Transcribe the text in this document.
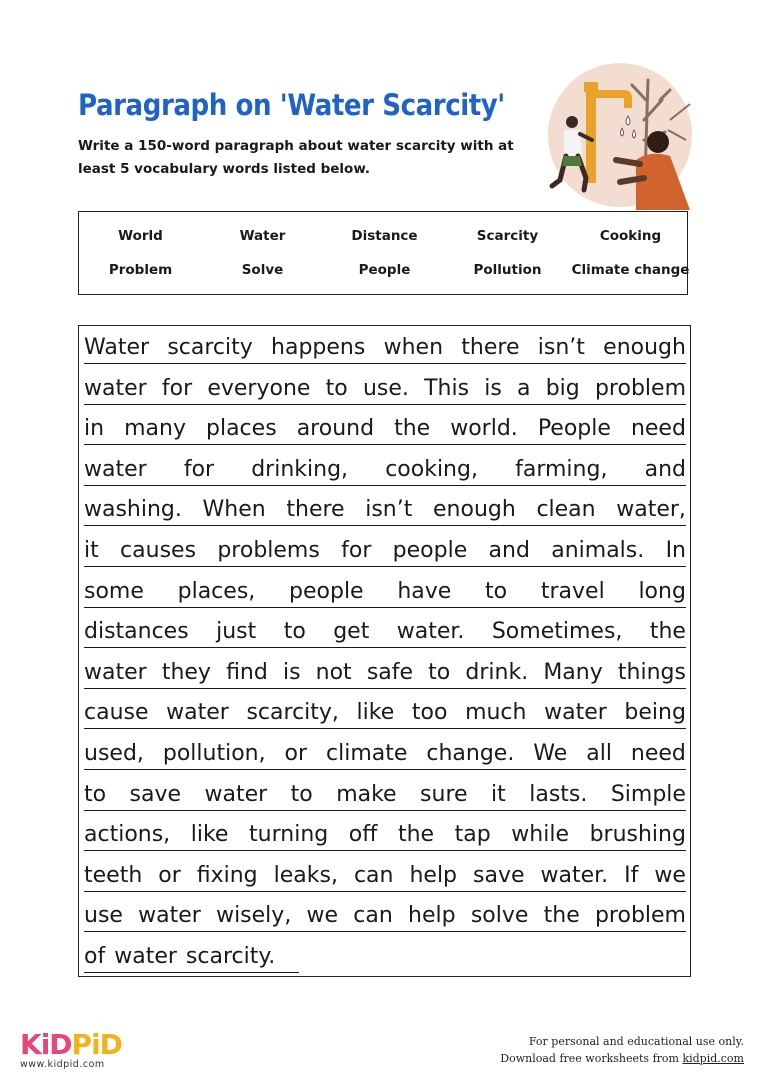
Paragraph on 'Water Scarcity'
Write a 150-word paragraph about water scarcity with at least 5 vocabulary words listed below.
World	Water	Distance	Scarcity	Cooking
Problem	Solve	People	Pollution	Climate change
Water scarcity happens when there isn’t enough
water for everyone to use. This is a big problem
in many places around the world. People need
water for drinking, cooking, farming, and
washing. When there isn’t enough clean water,
it causes problems for people and animals. In
some places, people have to travel long
distances just to get water. Sometimes, the
water they find is not safe to drink. Many things
cause water scarcity, like too much water being
used, pollution, or climate change. We all need
to save water to make sure it lasts. Simple
actions, like turning off the tap while brushing
teeth or fixing leaks, can help save water. If we
use water wisely, we can help solve the problem
of water scarcity.
KiDPiD
www.kidpid.com
For personal and educational use only.
Download free worksheets from kidpid.com
